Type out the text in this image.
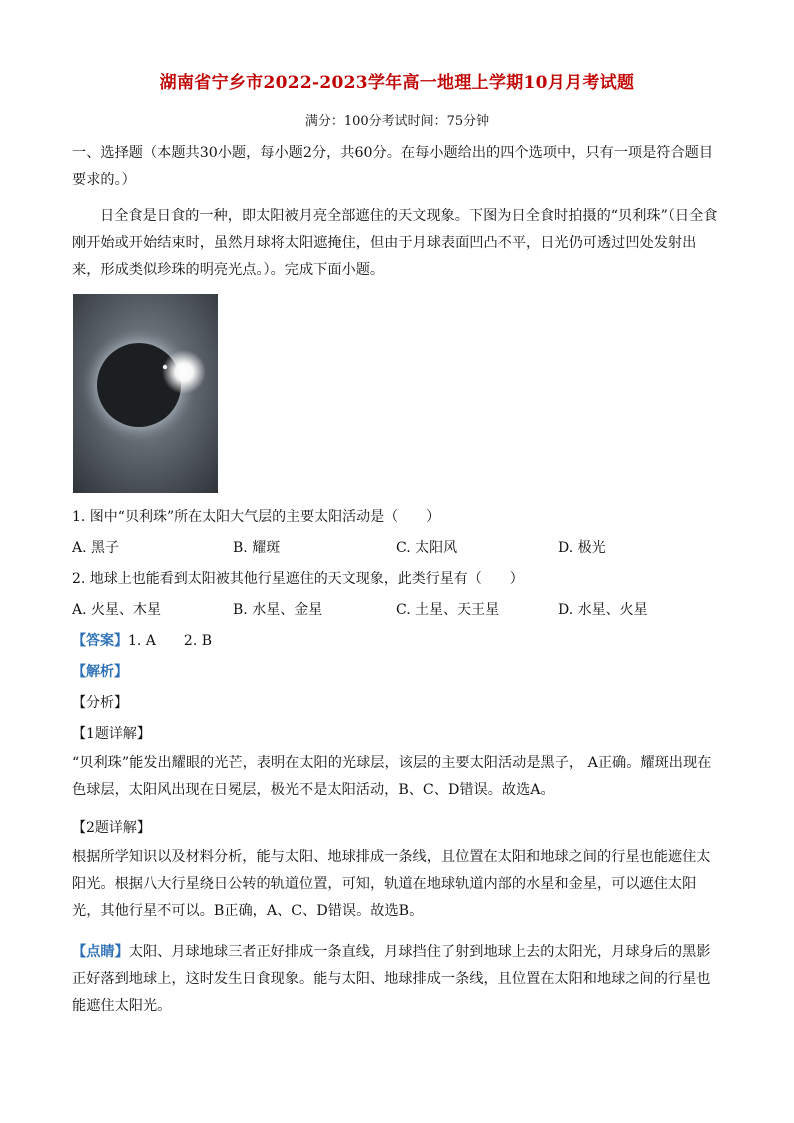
湖南省宁乡市2022-2023学年高一地理上学期10月月考试题
满分：100分考试时间：75分钟
一、选择题（本题共30小题，每小题2分，共60分。在每小题给出的四个选项中，只有一项是符合题目要求的。）
日全食是日食的一种，即太阳被月亮全部遮住的天文现象。下图为日全食时拍摄的“贝利珠”（日全食刚开始或开始结束时，虽然月球将太阳遮掩住，但由于月球表面凹凸不平，日光仍可透过凹处发射出来，形成类似珍珠的明亮光点。）。完成下面小题。
1. 图中“贝利珠”所在太阳大气层的主要太阳活动是（　　）
A. 黑子	B. 耀斑	C. 太阳风	D. 极光
2. 地球上也能看到太阳被其他行星遮住的天文现象，此类行星有（　　）
A. 火星、木星	B. 水星、金星	C. 土星、天王星	D. 水星、火星
【答案】1. A　　2. B
【解析】
【分析】
【1题详解】
“贝利珠”能发出耀眼的光芒，表明在太阳的光球层，该层的主要太阳活动是黑子， A正确。耀斑出现在色球层，太阳风出现在日冕层，极光不是太阳活动，B、C、D错误。故选A。
【2题详解】
根据所学知识以及材料分析，能与太阳、地球排成一条线，且位置在太阳和地球之间的行星也能遮住太阳光。根据八大行星绕日公转的轨道位置，可知，轨道在地球轨道内部的水星和金星，可以遮住太阳光，其他行星不可以。B正确，A、C、D错误。故选B。
【点睛】太阳、月球地球三者正好排成一条直线，月球挡住了射到地球上去的太阳光，月球身后的黑影正好落到地球上，这时发生日食现象。能与太阳、地球排成一条线，且位置在太阳和地球之间的行星也能遮住太阳光。
